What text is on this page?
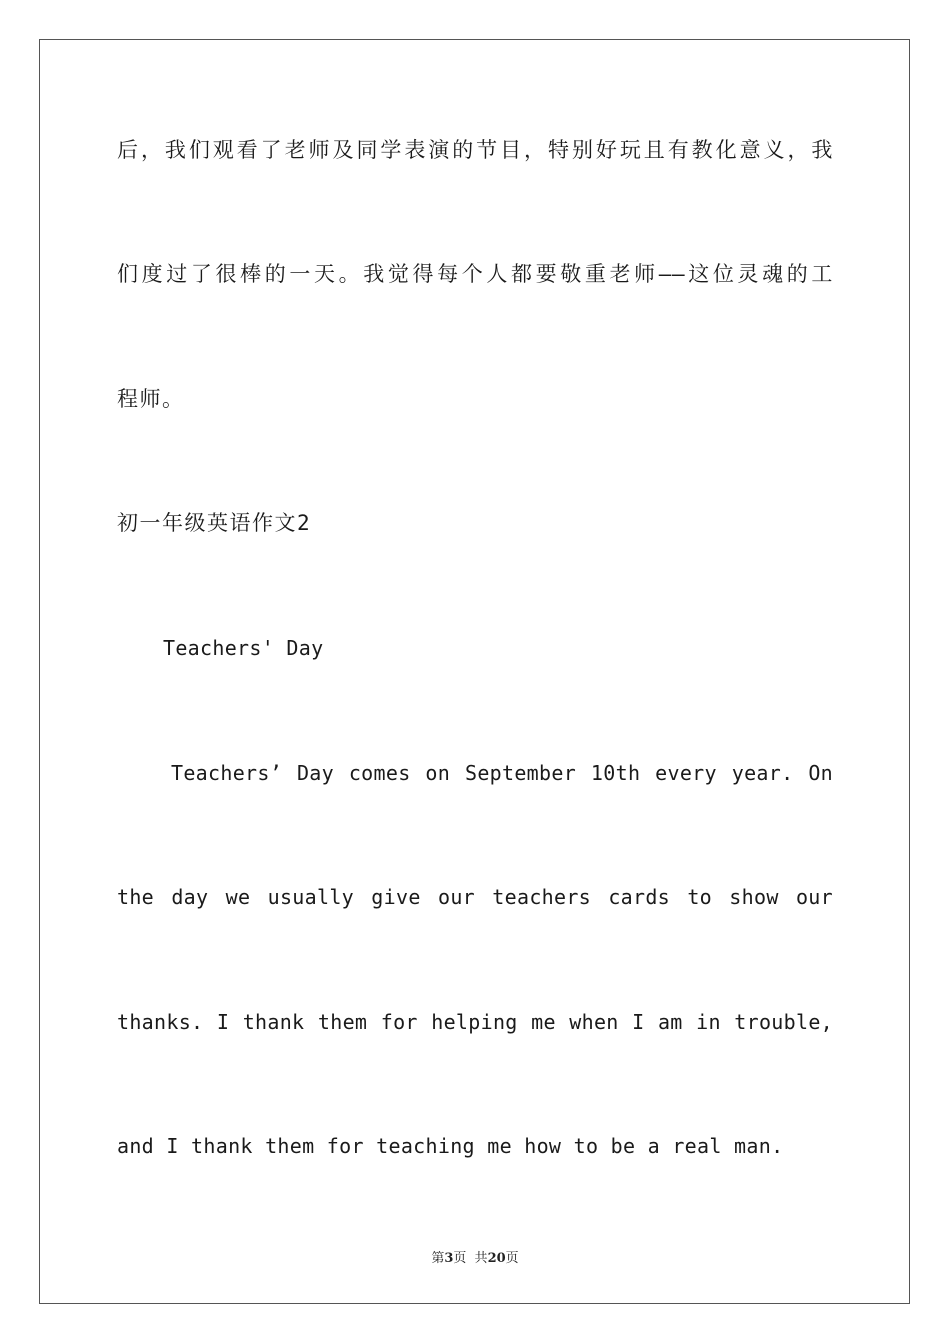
后，我们观看了老师及同学表演的节目，特别好玩且有教化意义，我
们度过了很棒的一天。我觉得每个人都要敬重老师——这位灵魂的工
程师。
初一年级英语作文2
Teachers' Day
Teachers’ Day comes on September 10th every year. On
the day we usually give our teachers cards to show our
thanks. I thank them for helping me when I am in trouble,
and I thank them for teaching me how to be a real man.
第3页 共20页
